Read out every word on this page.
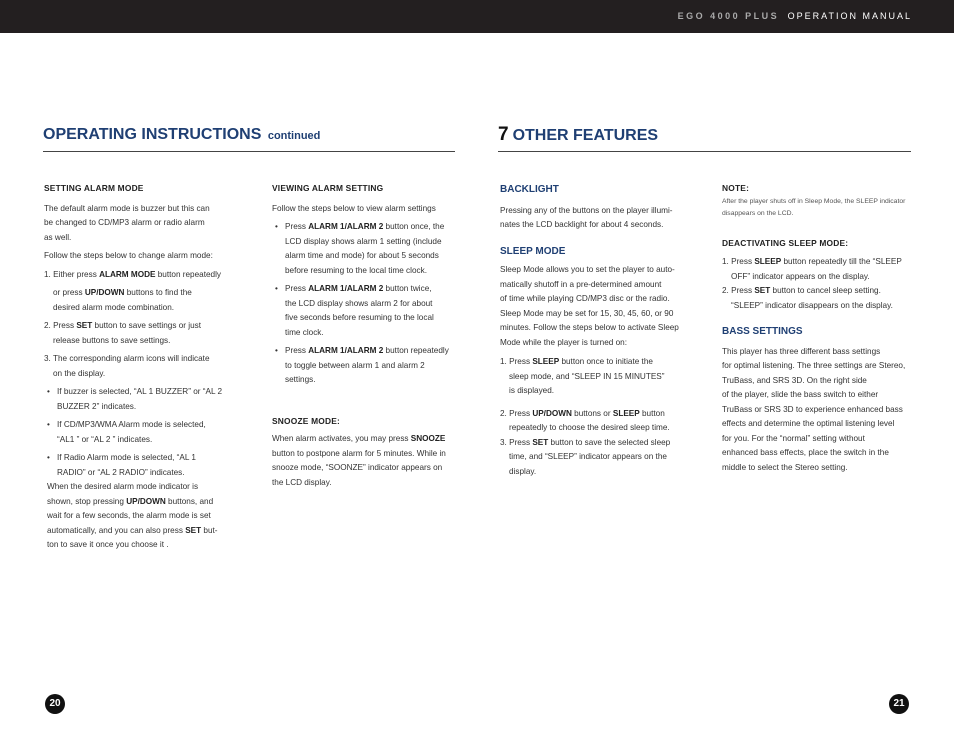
EGO 4000 PLUS OPERATION MANUAL
OPERATING INSTRUCTIONS continued	7 OTHER FEATURES

SETTING ALARM MODE

The default alarm mode is buzzer but this can

be changed to CD/MP3 alarm or radio alarm

as well.

Follow the steps below to change alarm mode:

1. Either press ALARM MODE button repeatedly

or press UP/DOWN buttons to find the

desired alarm mode combination.

2. Press SET button to save settings or just

release buttons to save settings.

3. The corresponding alarm icons will indicate

on the display.

• If buzzer is selected, “AL 1 BUZZER” or “AL 2

BUZZER 2” indicates.

• If CD/MP3/WMA Alarm mode is selected,

“AL1 ” or “AL 2 ” indicates.

• If Radio Alarm mode is selected, “AL 1

RADIO” or “AL 2 RADIO” indicates.

When the desired alarm mode indicator is

shown, stop pressing UP/DOWN buttons, and

wait for a few seconds, the alarm mode is set

automatically, and you can also press SET but-

ton to save it once you choose it .

VIEWING ALARM SETTING

Follow the steps below to view alarm settings

• Press ALARM 1/ALARM 2 button once, the

LCD display shows alarm 1 setting (include

alarm time and mode) for about 5 seconds

before resuming to the local time clock.

• Press ALARM 1/ALARM 2 button twice,

the LCD display shows alarm 2 for about

five seconds before resuming to the local

time clock.

• Press ALARM 1/ALARM 2 button repeatedly

to toggle between alarm 1 and alarm 2

settings.

SNOOZE MODE:

When alarm activates, you may press SNOOZE

button to postpone alarm for 5 minutes. While in

snooze mode, “SOONZE” indicator appears on

the LCD display.

BACKLIGHT

Pressing any of the buttons on the player illumi-

nates the LCD backlight for about 4 seconds.

SLEEP MODE

Sleep Mode allows you to set the player to auto-

matically shutoff in a pre-determined amount

of time while playing CD/MP3 disc or the radio.

Sleep Mode may be set for 15, 30, 45, 60, or 90

minutes. Follow the steps below to activate Sleep

Mode while the player is turned on:

1. Press SLEEP button once to initiate the

sleep mode, and “SLEEP IN 15 MINUTES”

is displayed.

2. Press UP/DOWN buttons or SLEEP button

repeatedly to choose the desired sleep time.

3. Press SET button to save the selected sleep

time, and “SLEEP” indicator appears on the

display.

NOTE:

After the player shuts off in Sleep Mode, the SLEEP indicator

disappears on the LCD.

DEACTIVATING SLEEP MODE:

1. Press SLEEP button repeatedly till the “SLEEP

OFF” indicator appears on the display.

2. Press SET button to cancel sleep setting.

“SLEEP” indicator disappears on the display.

BASS SETTINGS

This player has three different bass settings

for optimal listening. The three settings are Stereo,

TruBass, and SRS 3D. On the right side

of the player, slide the bass switch to either

TruBass or SRS 3D to experience enhanced bass

effects and determine the optimal listening level

for you. For the “normal” setting without

enhanced bass effects, place the switch in the

middle to select the Stereo setting.

20	21
